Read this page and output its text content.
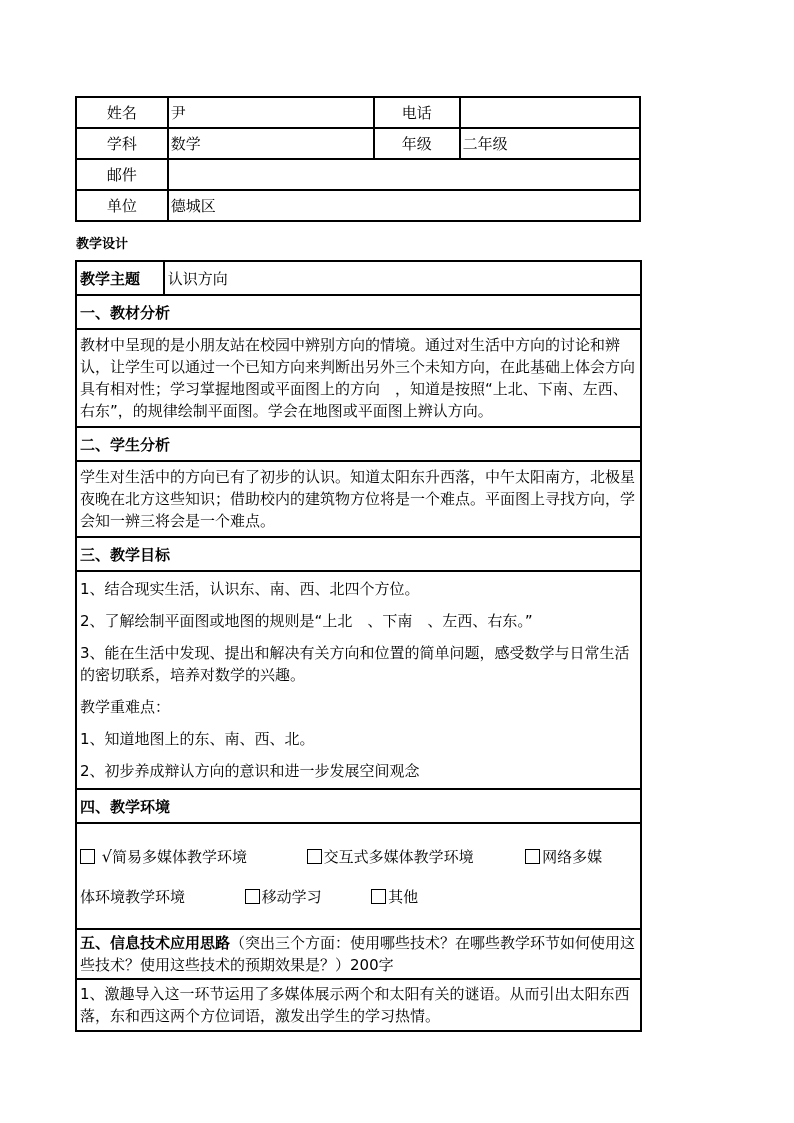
姓名	尹	电话	
学科	数学	年级	二年级
邮件			
单位	德城区		
教学设计
教学主题	认识方向
一、教材分析

教材中呈现的是小朋友站在校园中辨别方向的情境。通过对生活中方向的讨论和辨认，让学生可以通过一个已知方向来判断出另外三个未知方向，在此基础上体会方向具有相对性；学习掌握地图或平面图上的方向　，知道是按照“上北、下南、左西、右东”，的规律绘制平面图。学会在地图或平面图上辨认方向。

二、学生分析

学生对生活中的方向已有了初步的认识。知道太阳东升西落，中午太阳南方，北极星夜晚在北方这些知识；借助校内的建筑物方位将是一个难点。平面图上寻找方向，学会知一辨三将会是一个难点。

三、教学目标

1、结合现实生活，认识东、南、西、北四个方位。

2、了解绘制平面图或地图的规则是“上北　、下南　、左西、右东。”

3、能在生活中发现、提出和解决有关方向和位置的简单问题，感受数学与日常生活的密切联系，培养对数学的兴趣。

教学重难点：

1、知道地图上的东、南、西、北。

2、初步养成辩认方向的意识和进一步发展空间观念

四、教学环境

√简易多媒体教学环境	交互式多媒体教学环境	网络多媒
体环境教学环境	移动学习	其他

五、信息技术应用思路（突出三个方面：使用哪些技术？在哪些教学环节如何使用这些技术？使用这些技术的预期效果是？）200字

1、激趣导入这一环节运用了多媒体展示两个和太阳有关的谜语。从而引出太阳东西落，东和西这两个方位词语，激发出学生的学习热情。
